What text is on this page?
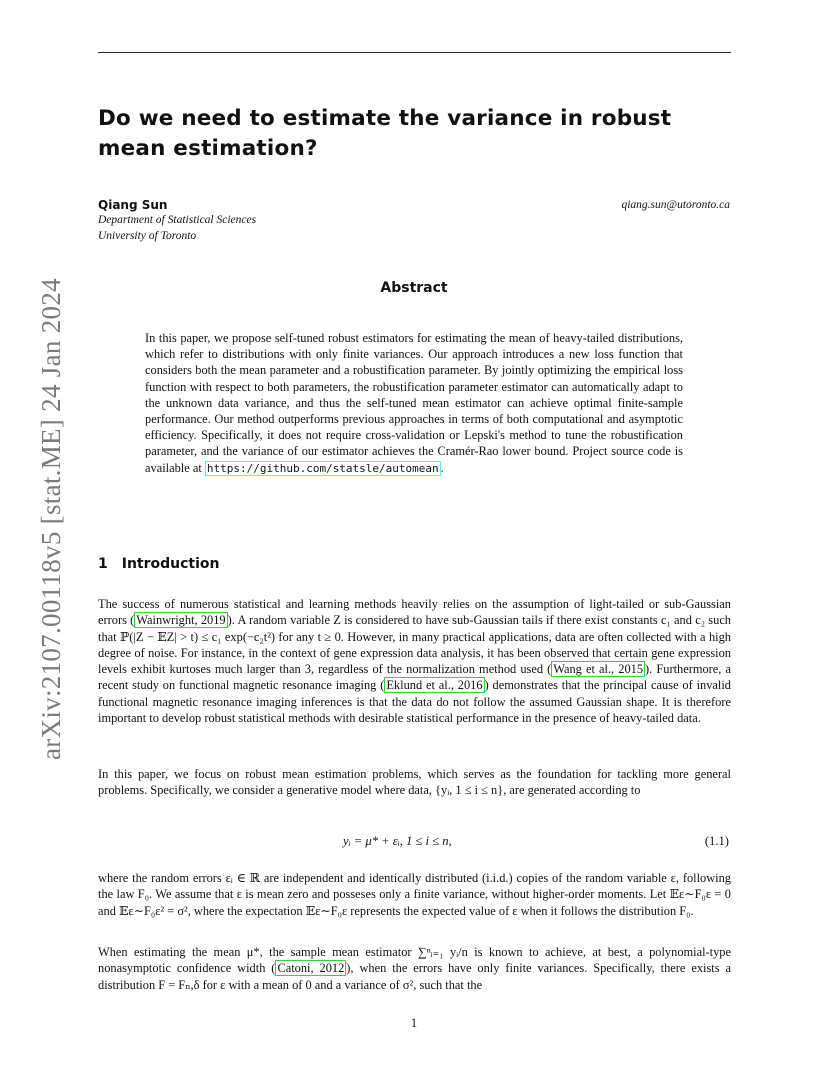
arXiv:2107.00118v5 [stat.ME] 24 Jan 2024
Do we need to estimate the variance in robust mean estimation?
Qiang Sun	qiang.sun@utoronto.ca
Department of Statistical Sciences
University of Toronto
Abstract
In this paper, we propose self-tuned robust estimators for estimating the mean of heavy-tailed distributions, which refer to distributions with only finite variances. Our approach introduces a new loss function that considers both the mean parameter and a robustification parameter. By jointly optimizing the empirical loss function with respect to both parameters, the robustification parameter estimator can automatically adapt to the unknown data variance, and thus the self-tuned mean estimator can achieve optimal finite-sample performance. Our method outperforms previous approaches in terms of both computational and asymptotic efficiency. Specifically, it does not require cross-validation or Lepski's method to tune the robustification parameter, and the variance of our estimator achieves the Cramér-Rao lower bound. Project source code is available at https://github.com/statsle/automean .
1 Introduction
The success of numerous statistical and learning methods heavily relies on the assumption of light-tailed or sub-Gaussian errors ( Wainwright, 2019 ). A random variable Z is considered to have sub-Gaussian tails if there exist constants c₁ and c₂ such that ℙ(|Z − 𝔼Z| > t) ≤ c₁ exp(−c₂t²) for any t ≥ 0. However, in many practical applications, data are often collected with a high degree of noise. For instance, in the context of gene expression data analysis, it has been observed that certain gene expression levels exhibit kurtoses much larger than 3, regardless of the normalization method used ( Wang et al., 2015 ). Furthermore, a recent study on functional magnetic resonance imaging ( Eklund et al., 2016 ) demonstrates that the principal cause of invalid functional magnetic resonance imaging inferences is that the data do not follow the assumed Gaussian shape. It is therefore important to develop robust statistical methods with desirable statistical performance in the presence of heavy-tailed data.
In this paper, we focus on robust mean estimation problems, which serves as the foundation for tackling more general problems. Specifically, we consider a generative model where data, {yᵢ, 1 ≤ i ≤ n}, are generated according to
yᵢ = μ* + εᵢ, 1 ≤ i ≤ n,	(1.1)
where the random errors εᵢ ∈ ℝ are independent and identically distributed (i.i.d.) copies of the random variable ε, following the law F₀. We assume that ε is mean zero and posseses only a finite variance, without higher-order moments. Let 𝔼ε∼F₀ε = 0 and 𝔼ε∼F₀ε² = σ², where the expectation 𝔼ε∼F₀ε represents the expected value of ε when it follows the distribution F₀.
When estimating the mean μ*, the sample mean estimator ∑ⁿᵢ₌₁ yᵢ/n is known to achieve, at best, a polynomial-type nonasymptotic confidence width ( Catoni, 2012 ), when the errors have only finite variances. Specifically, there exists a distribution F = Fₙ,δ for ε with a mean of 0 and a variance of σ², such that the
1
